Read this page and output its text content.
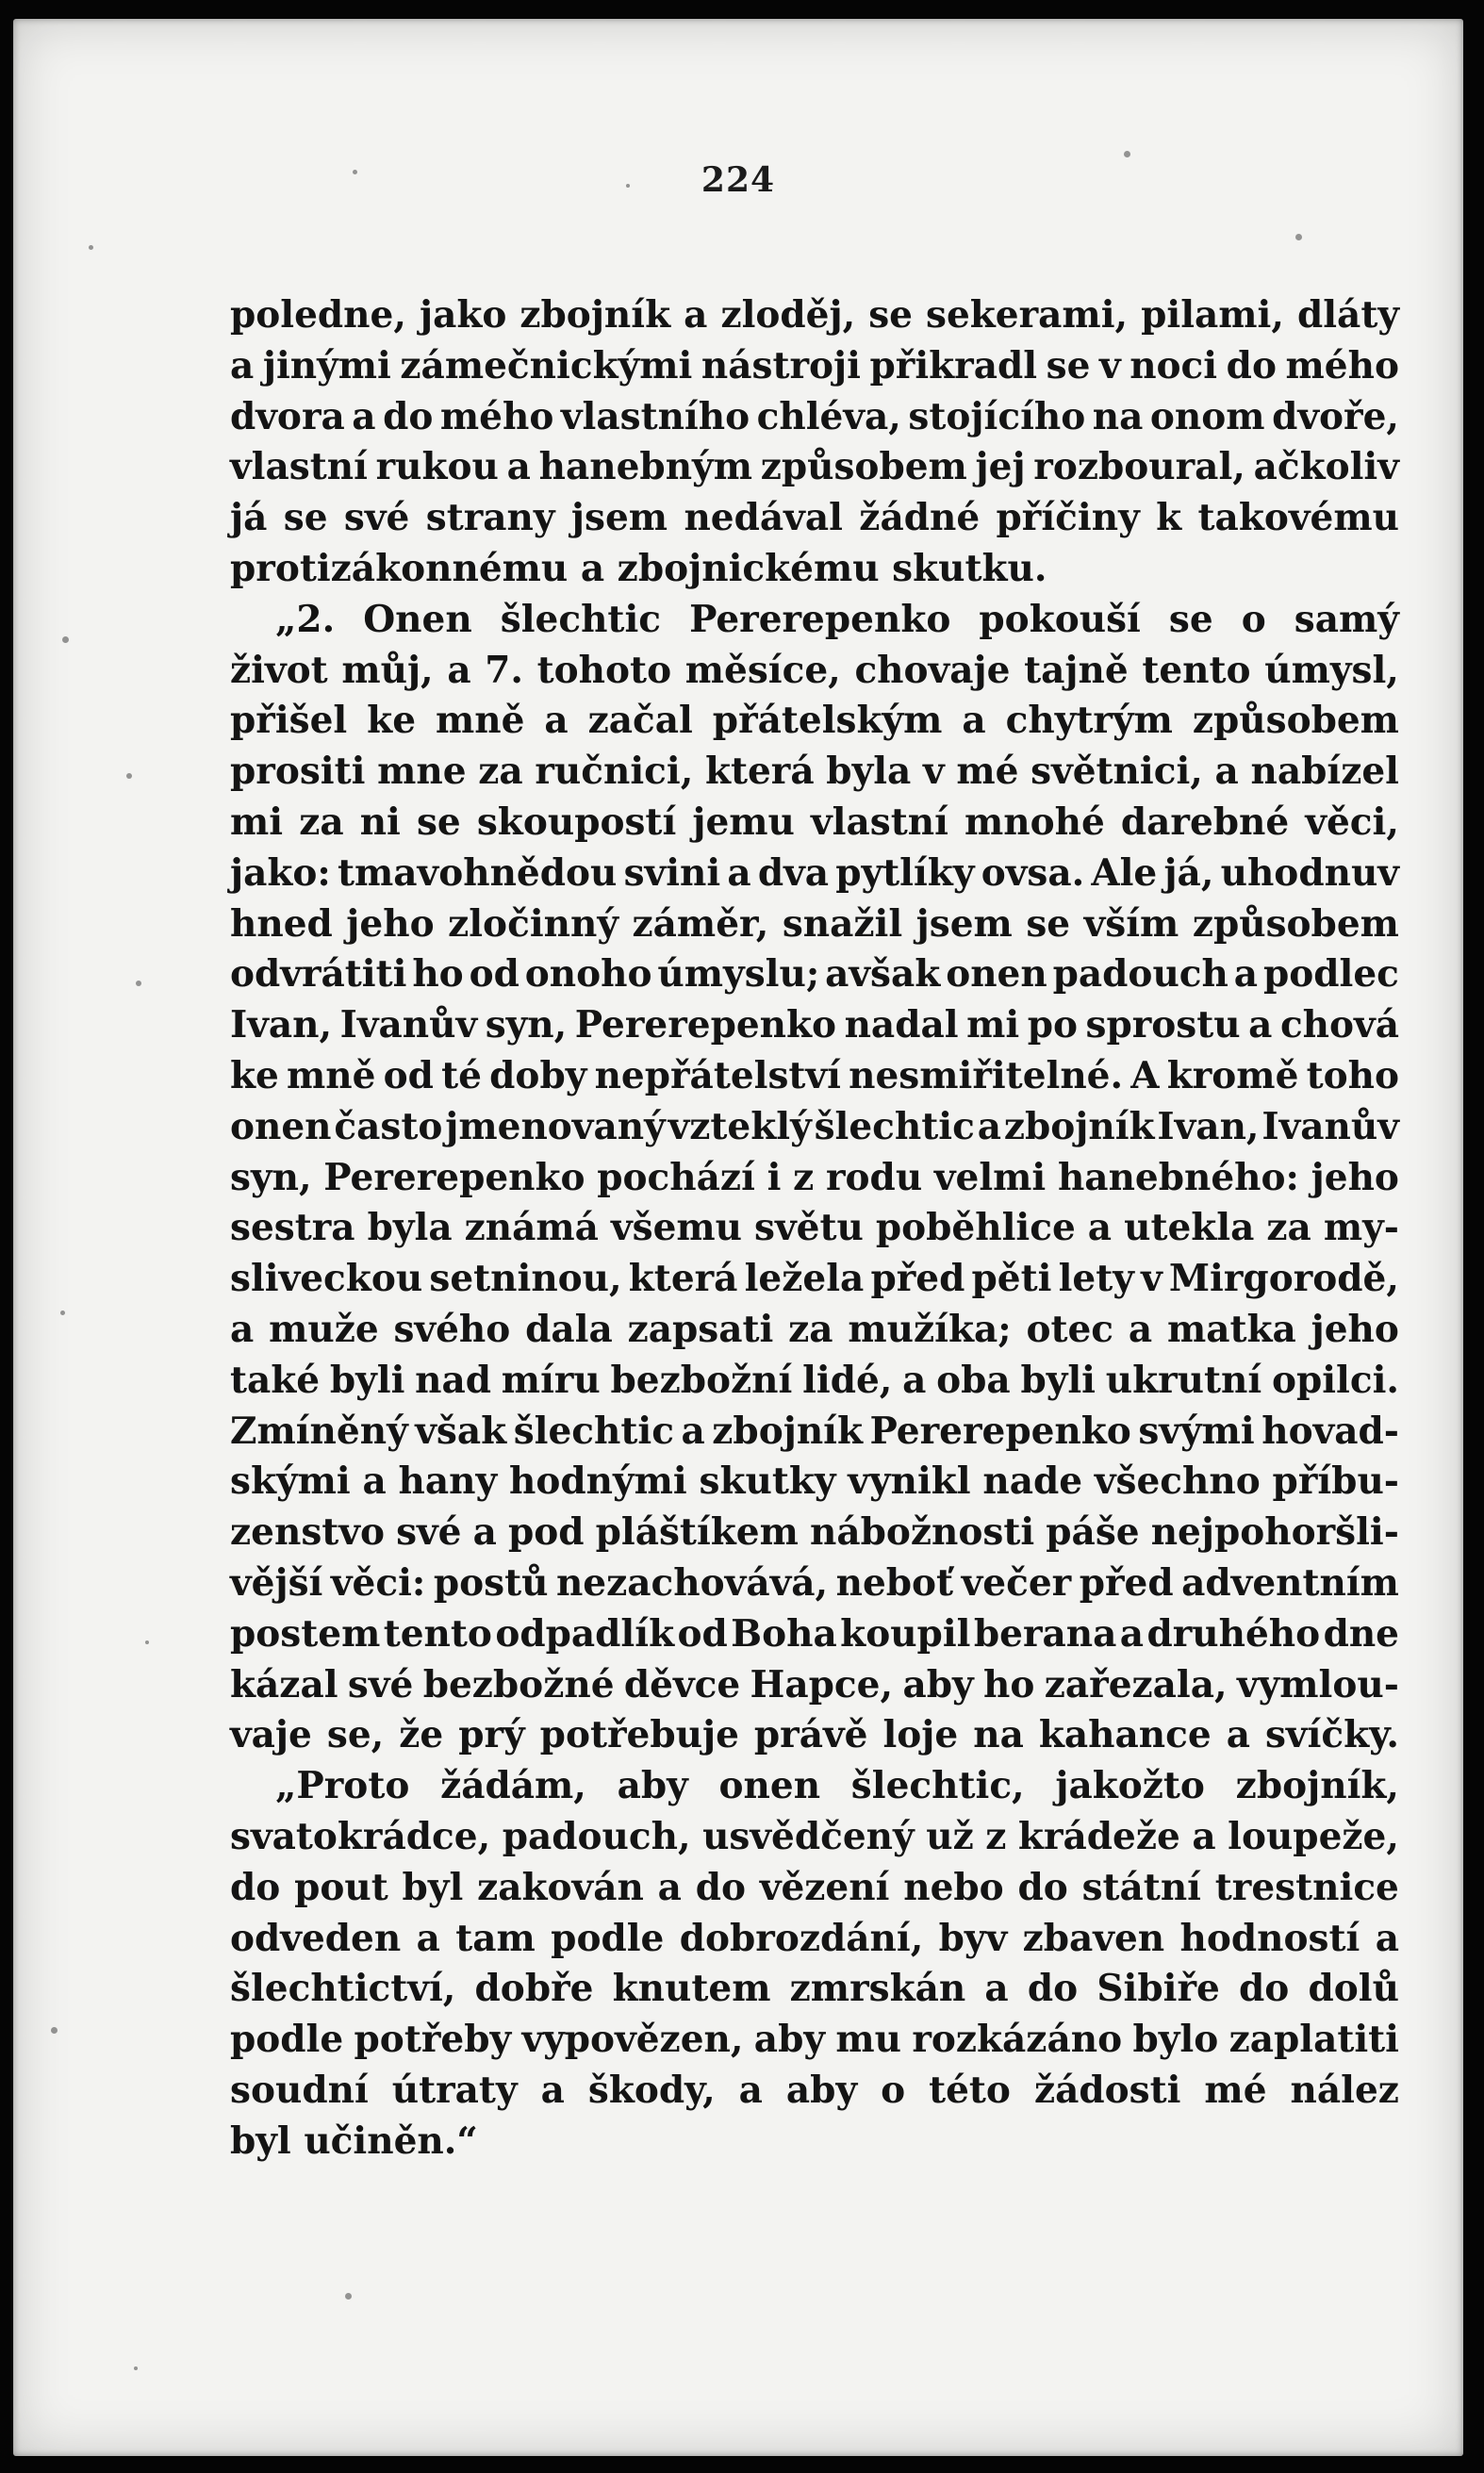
224
poledne, jako zbojník a zloděj, se sekerami, pilami, dláty
a jinými zámečnickými nástroji přikradl se v noci do mého
dvora a do mého vlastního chléva, stojícího na onom dvoře,
vlastní rukou a hanebným způsobem jej rozboural, ačkoliv
já se své strany jsem nedával žádné příčiny k takovému
protizákonnému a zbojnickému skutku.
„2. Onen šlechtic Pererepenko pokouší se o samý
život můj, a 7. tohoto měsíce, chovaje tajně tento úmysl,
přišel ke mně a začal přátelským a chytrým způsobem
prositi mne za ručnici, která byla v mé světnici, a nabízel
mi za ni se skoupostí jemu vlastní mnohé darebné věci,
jako: tmavohnědou svini a dva pytlíky ovsa. Ale já, uhodnuv
hned jeho zločinný záměr, snažil jsem se vším způsobem
odvrátiti ho od onoho úmyslu; avšak onen padouch a podlec
Ivan, Ivanův syn, Pererepenko nadal mi po sprostu a chová
ke mně od té doby nepřátelství nesmiřitelné. A kromě toho
onen často jmenovaný vzteklý šlechtic a zbojník Ivan, Ivanův
syn, Pererepenko pochází i z rodu velmi hanebného: jeho
sestra byla známá všemu světu poběhlice a utekla za my-
sliveckou setninou, která ležela před pěti lety v Mirgorodě,
a muže svého dala zapsati za mužíka; otec a matka jeho
také byli nad míru bezbožní lidé, a oba byli ukrutní opilci.
Zmíněný však šlechtic a zbojník Pererepenko svými hovad-
skými a hany hodnými skutky vynikl nade všechno příbu-
zenstvo své a pod pláštíkem nábožnosti páše nejpohoršli-
vější věci: postů nezachovává, neboť večer před adventním
postem tento odpadlík od Boha koupil berana a druhého dne
kázal své bezbožné děvce Hapce, aby ho zařezala, vymlou-
vaje se, že prý potřebuje právě loje na kahance a svíčky.
„Proto žádám, aby onen šlechtic, jakožto zbojník,
svatokrádce, padouch, usvědčený už z krádeže a loupeže,
do pout byl zakován a do vězení nebo do státní trestnice
odveden a tam podle dobrozdání, byv zbaven hodností a
šlechtictví, dobře knutem zmrskán a do Sibiře do dolů
podle potřeby vypovězen, aby mu rozkázáno bylo zaplatiti
soudní útraty a škody, a aby o této žádosti mé nález
byl učiněn.“
